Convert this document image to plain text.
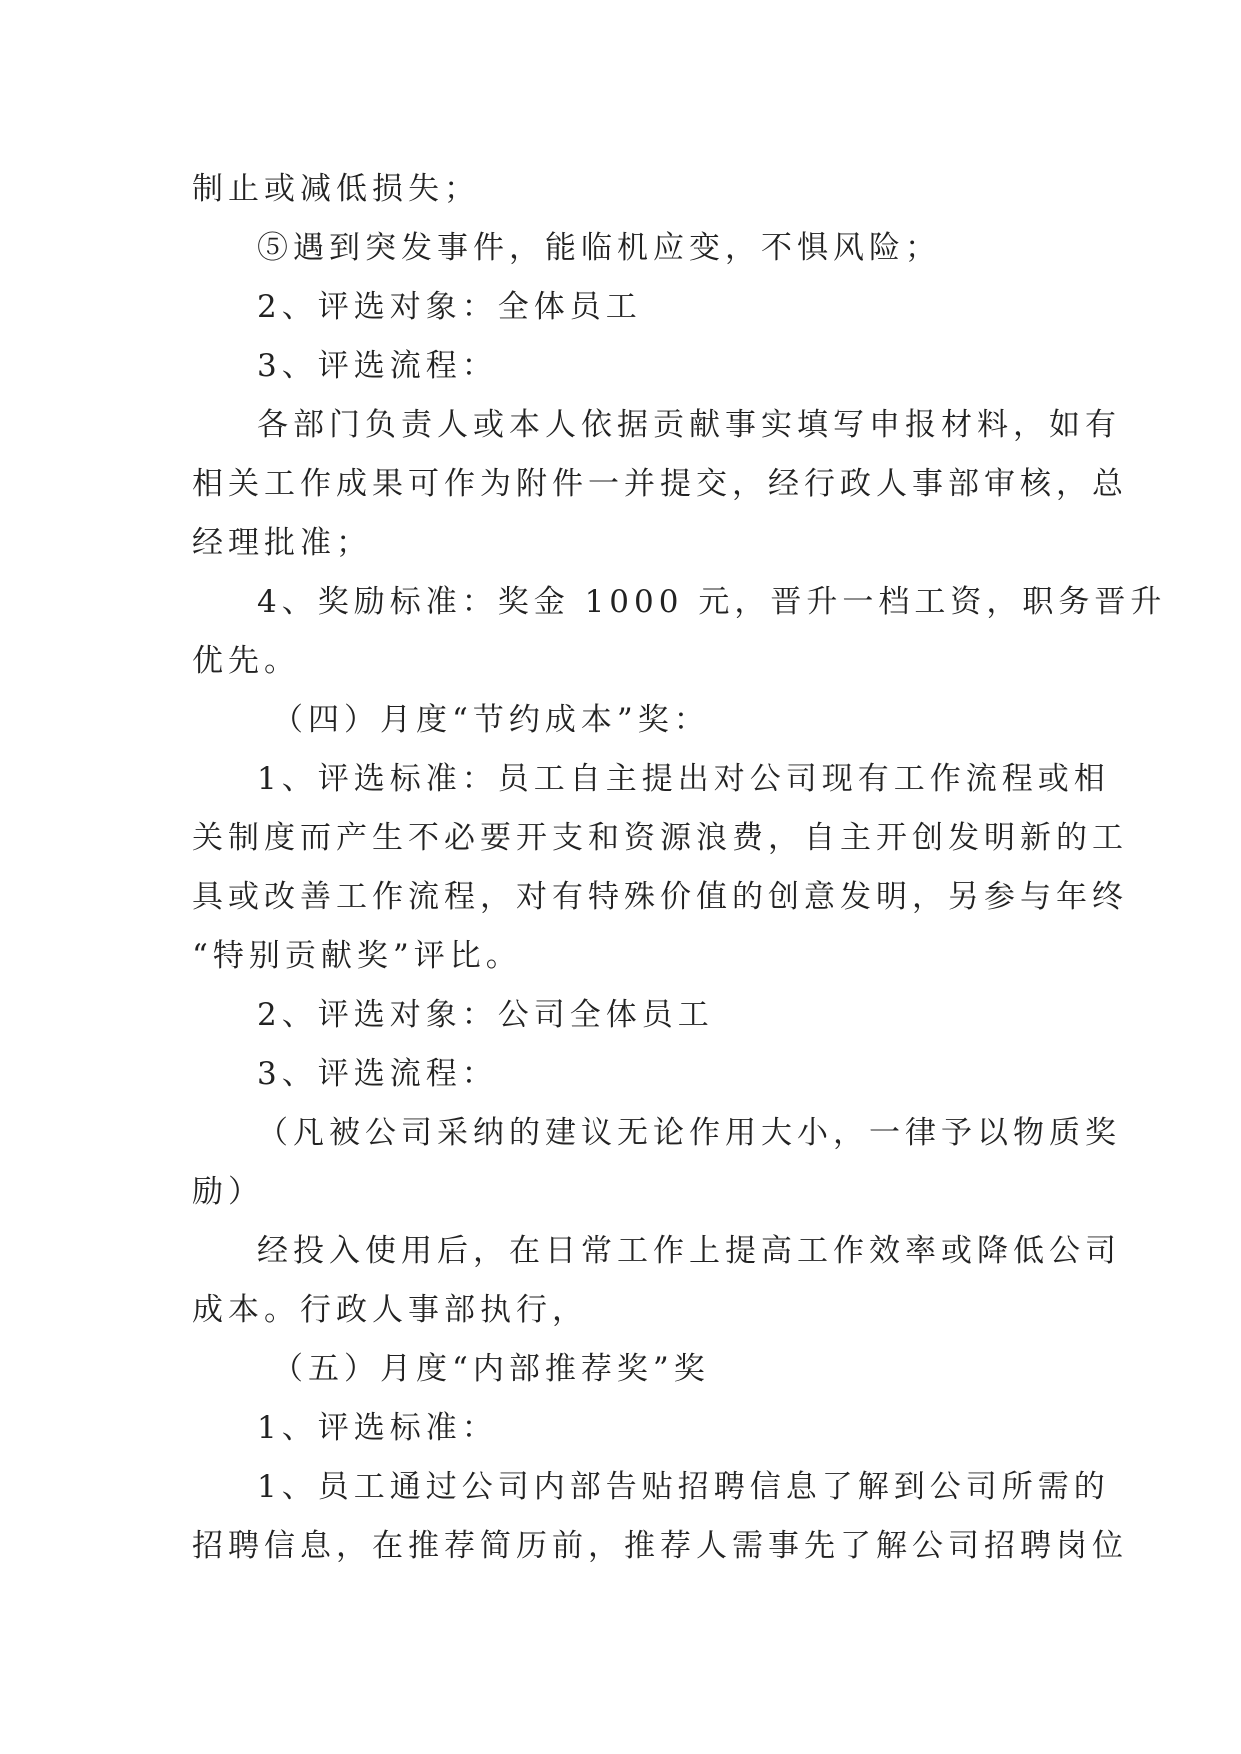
制止或减低损失；
⑤遇到突发事件，能临机应变，不惧风险；
2、评选对象：全体员工
3、评选流程：
各部门负责人或本人依据贡献事实填写申报材料，如有
相关工作成果可作为附件一并提交，经行政人事部审核，总
经理批准；
4、奖励标准：奖金 1000 元，晋升一档工资，职务晋升
优先。
（四）月度“节约成本”奖：
1、评选标准：员工自主提出对公司现有工作流程或相
关制度而产生不必要开支和资源浪费，自主开创发明新的工
具或改善工作流程，对有特殊价值的创意发明，另参与年终
“特别贡献奖”评比。
2、评选对象：公司全体员工
3、评选流程：
（凡被公司采纳的建议无论作用大小，一律予以物质奖
励）
经投入使用后，在日常工作上提高工作效率或降低公司
成本。行政人事部执行，
（五）月度“内部推荐奖”奖
1、评选标准：
1、员工通过公司内部告贴招聘信息了解到公司所需的
招聘信息，在推荐简历前，推荐人需事先了解公司招聘岗位
